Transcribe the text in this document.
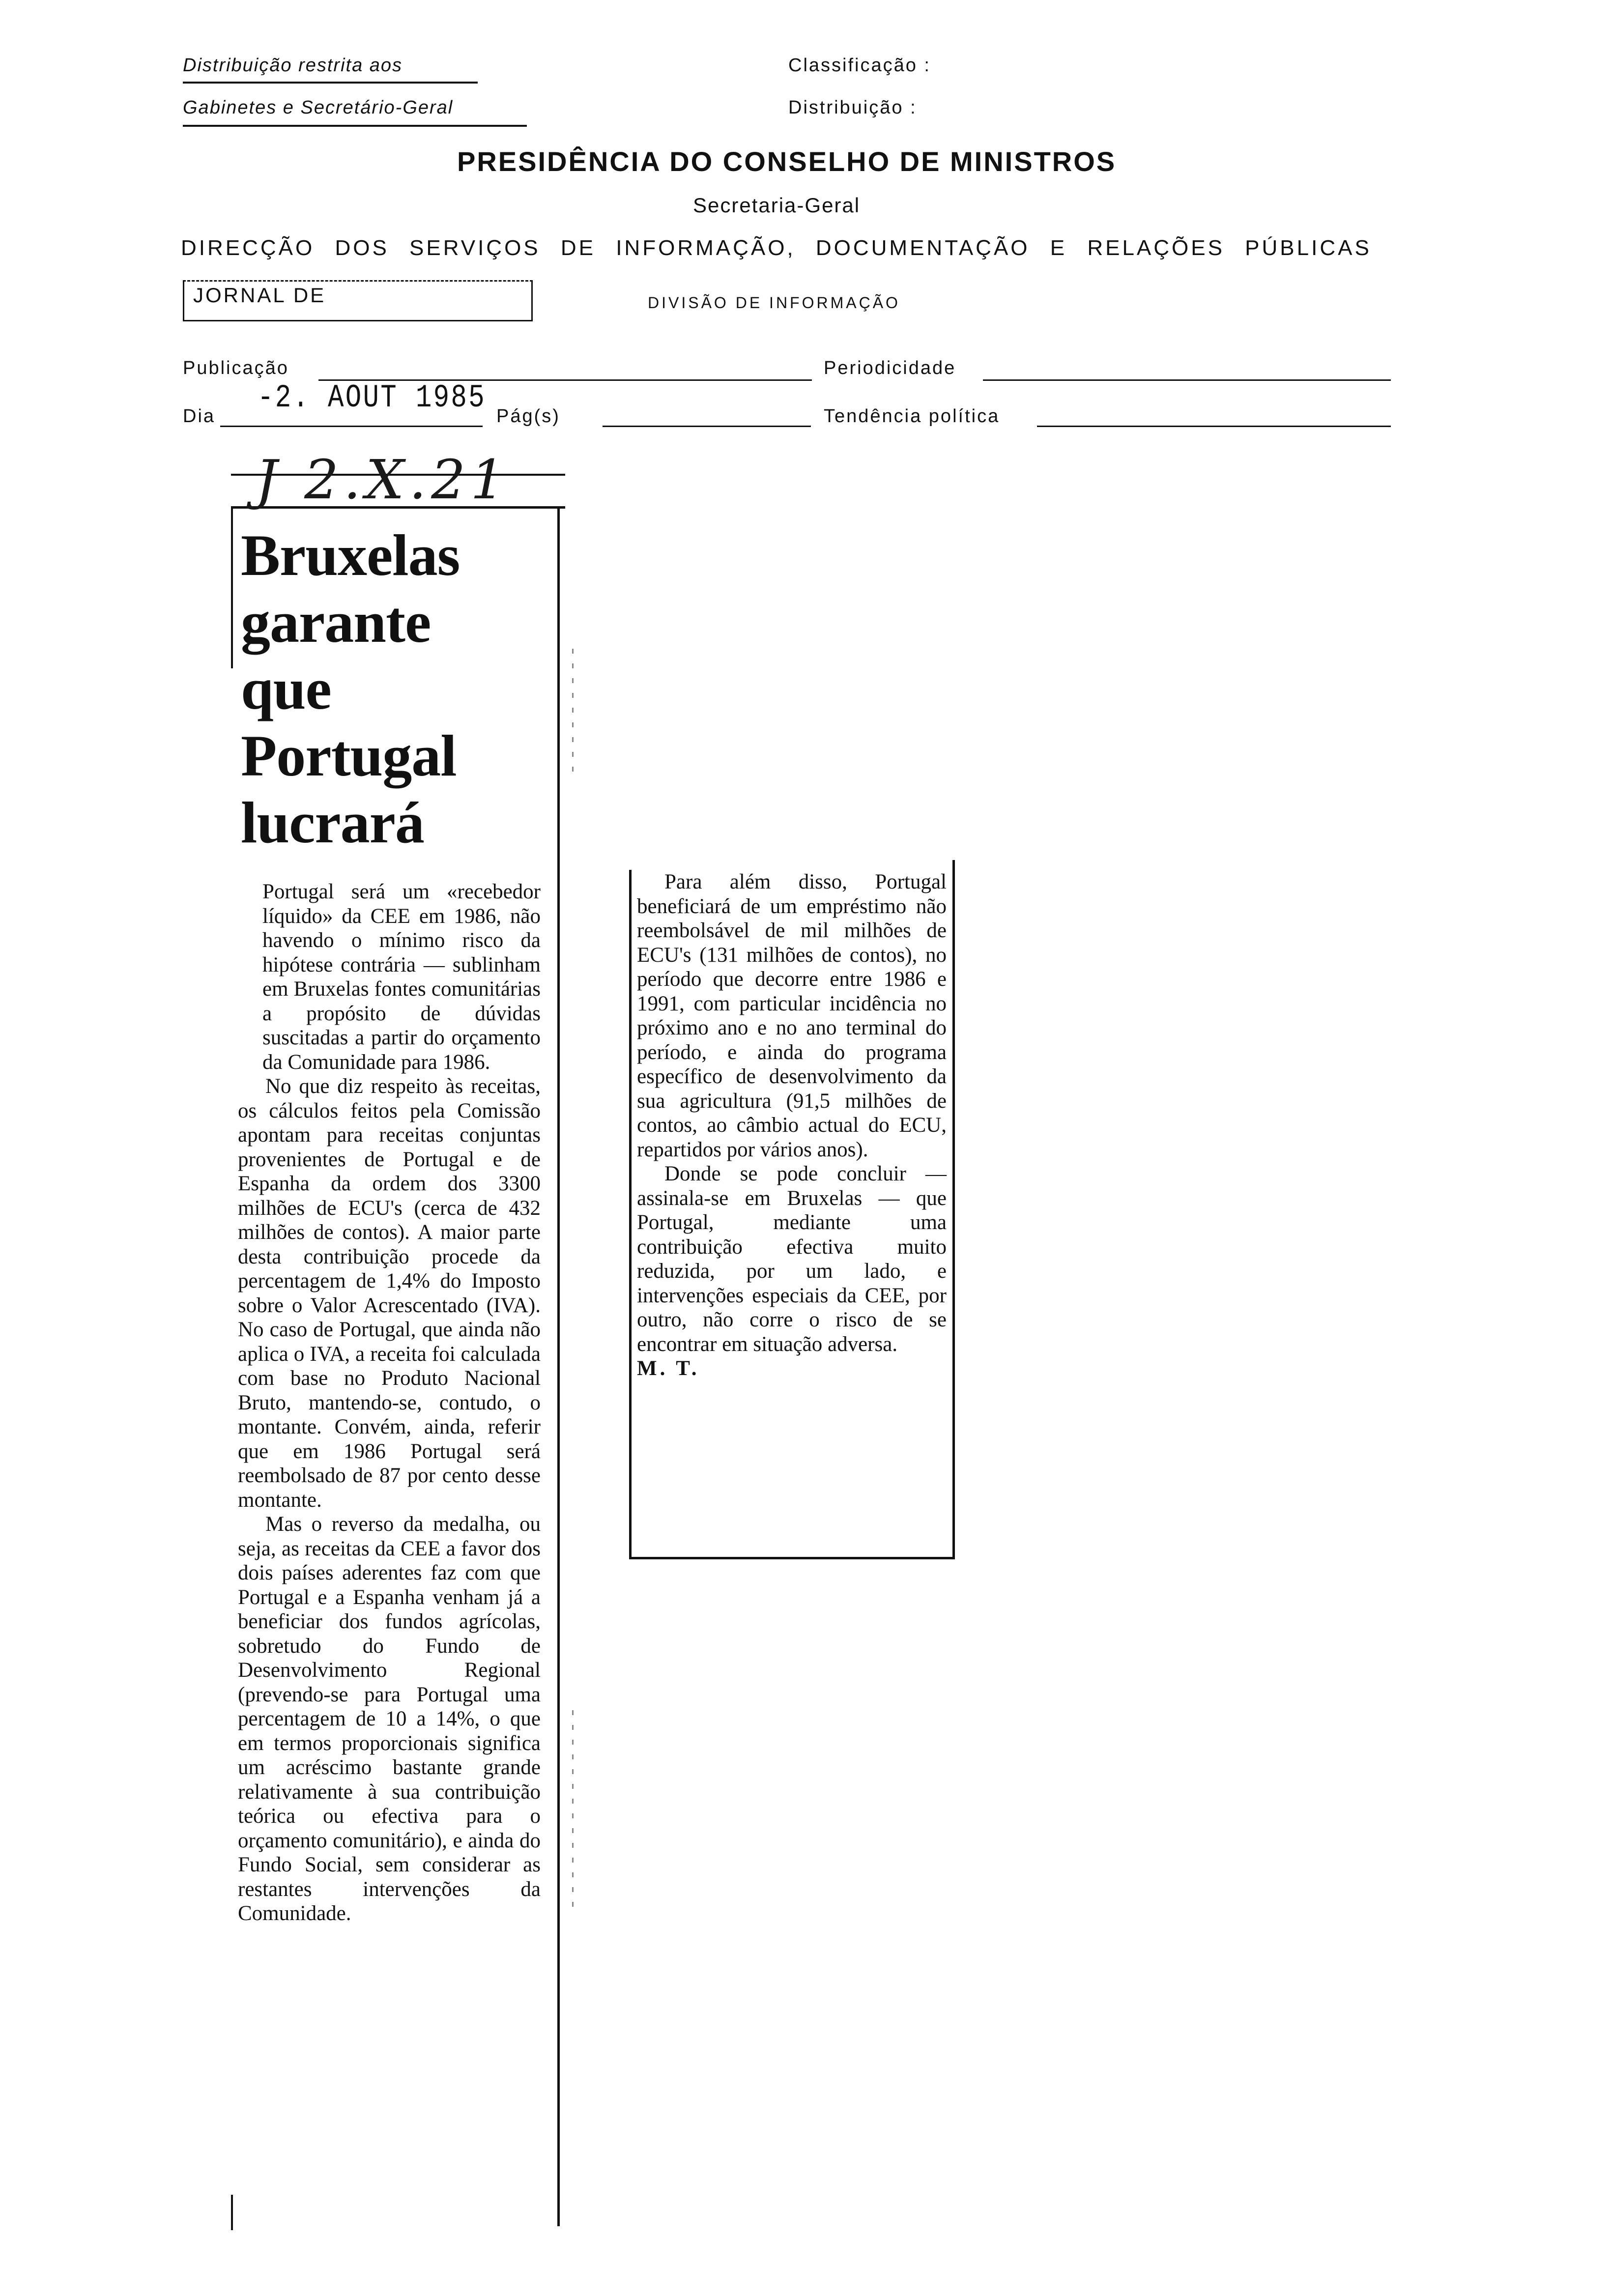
Distribuição restrita aos
Gabinetes e Secretário-Geral
Classificação :
Distribuição :
PRESIDÊNCIA DO CONSELHO DE MINISTROS
Secretaria-Geral
DIRECÇÃO DOS SERVIÇOS DE INFORMAÇÃO, DOCUMENTAÇÃO E RELAÇÕES PÚBLICAS
JORNAL DE	DIVISÃO DE INFORMAÇÃO
Publicação	Periodicidade
Dia -2. AOUT 1985 Pág(s)	Tendência política
J 2.X.21
Bruxelas
garante
que
Portugal
lucrará

Portugal será um «recebedor líquido» da CEE em 1986, não havendo o mínimo risco da hipótese contrária — sublinham em Bruxelas fontes comunitárias a propósito de dúvidas suscitadas a partir do orçamento da Comunidade para 1986.

No que diz respeito às receitas, os cálculos feitos pela Comissão apontam para receitas conjuntas provenientes de Portugal e de Espanha da ordem dos 3300 milhões de ECU's (cerca de 432 milhões de contos). A maior parte desta contribuição procede da percentagem de 1,4% do Imposto sobre o Valor Acrescentado (IVA). No caso de Portugal, que ainda não aplica o IVA, a receita foi calculada com base no Produto Nacional Bruto, mantendo-se, contudo, o montante. Convém, ainda, referir que em 1986 Portugal será reembolsado de 87 por cento desse montante.

Mas o reverso da medalha, ou seja, as receitas da CEE a favor dos dois países aderentes faz com que Portugal e a Espanha venham já a beneficiar dos fundos agrícolas, sobretudo do Fundo de Desenvolvimento Regional (prevendo-se para Portugal uma percentagem de 10 a 14%, o que em termos proporcionais significa um acréscimo bastante grande relativamente à sua contribuição teórica ou efectiva para o orçamento comunitário), e ainda do Fundo Social, sem considerar as restantes intervenções da Comunidade.

Para além disso, Portugal beneficiará de um empréstimo não reembolsável de mil milhões de ECU's (131 milhões de contos), no período que decorre entre 1986 e 1991, com particular incidência no próximo ano e no ano terminal do período, e ainda do programa específico de desenvolvimento da sua agricultura (91,5 milhões de contos, ao câmbio actual do ECU, repartidos por vários anos).

Donde se pode concluir — assinala-se em Bruxelas — que Portugal, mediante uma contribuição efectiva muito reduzida, por um lado, e intervenções especiais da CEE, por outro, não corre o risco de se encontrar em situação adversa.

M. T.
